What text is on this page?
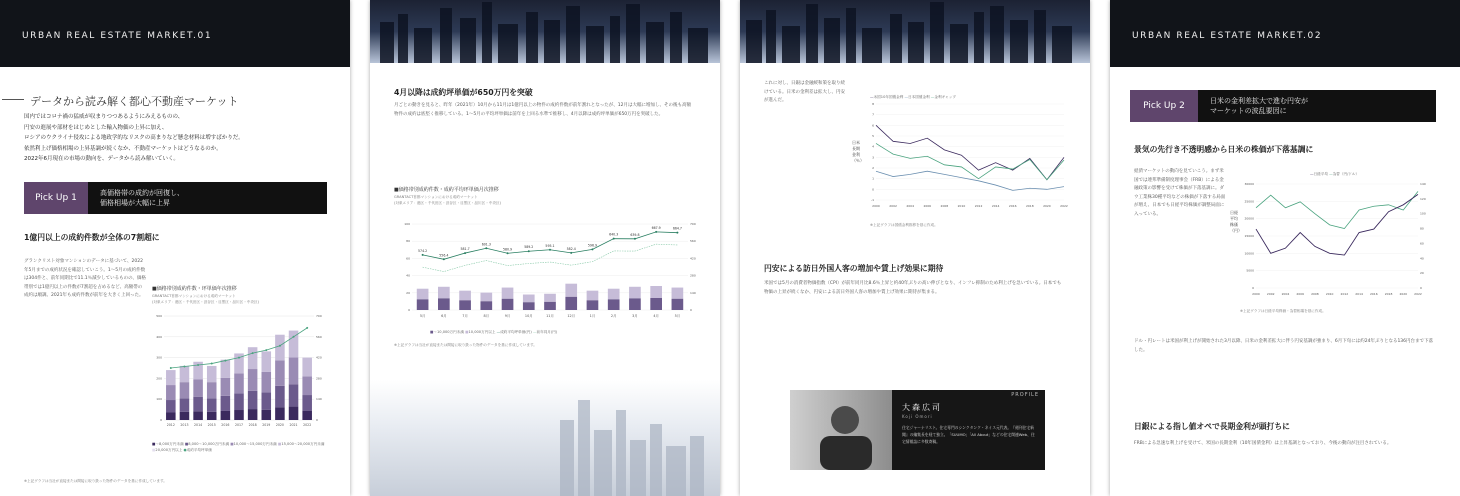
URBAN REAL ESTATE MARKET.01
データから読み解く都心不動産マーケット
国内ではコロナ禍の猛威が収まりつつあるようにみえるものの、
円安の進展や部材をはじめとした輸入物価の上昇に加え、
ロシアのウクライナ侵攻による地政学的なリスクの高まりなど懸念材料は増すばかりだ。
依然利上げ価格相場の上昇基調が続くなか、不動産マーケットはどうなるのか。
2022年6月現在の市場の動向を、データから読み解いていく。
Pick Up 1	高価格帯の成約が回復し、
価格相場が大幅に上昇
1億円以上の成約件数が全体の7割超に
グランクリスト対象マンションのデータに基づいて、2022年5月までの成約状況を確認していこう。1〜5月の成約件数は304件と、前年同期比で11.1％減少しているものの、価格帯別では1億円以上の件数が7割超を占めるなど、高額帯の成約は順調。2021年も成約件数が前年を大きく上回った。
■価格帯別成約件数・坪単価年次推移
GRANTACT首都マンションにおける成約マーケット
(対象エリア：港区・千代田区・渋谷区・目黒区・品川区・中央区)
2012 2013 2014 2015 2016 2017 2018 2019 2020 2021 2022
0	0
100	140
200	280
300	420
400	560
500	700
■〜8,000万円未満 ■8,000〜10,000万円未満 ■10,000〜15,000万円未満 ■15,000〜20,000万円未満 ■20,000万円以上 ●成約平均坪単価
※上記グラフは当社が直接または間接に取り扱った物件のデータを基に作成しています。
4月以降は成約坪単価が650万円を突破
月ごとの動きを見ると、昨年（2021年）10月から11月は1億円以上の物件の成約件数が前年割れとなったが、12月は大幅に増加し、その後も高額物件の成約は底堅く推移している。1〜5月の平均坪単価は前年を上回る水準で推移し、4月以降は成約坪単価が650万円を突破した。
■価格帯別成約件数・成約平均坪単価月次推移
GRANTACT首都マンションにおける成約マーケット
(対象エリア：港区・千代田区・渋谷区・目黒区・品川区・中央区)
5月	6月	7月	8月	9月	10月	11月	12月	1月	2月	3月	4月	5月
574.2
556.4
581.7
601.3
580.9
589.2	595.1
582.4
596.9
640.3	639.8
667.9	664.7
0	0
20	140
40	280
60	420
80	560
100	700
■〜10,000万円未満 ■10,000万円以上 —成約平均坪単価(円) —前年同月(円)
※上記グラフは当社が直接または間接に取り扱った物件のデータを基に作成しています。
これに対し、日銀は金融緩和策を取り続けている。日米の金利差は拡大し、円安が進んだ。
—米国10年国債金利 —日本国債金利 —金利ギャップ
日米長期金利（％）
-1
0
1
2
3
4
5
6
7
8
2000	2002	2004	2006	2008	2010	2012	2014	2016	2018	2020	2022
※上記グラフは国債金利推移を基に作成。
円安による訪日外国人客の増加や賃上げ効果に期待
米国では5月の消費者物価指数（CPI）が前年同月比8.6％上昇と約40年ぶりの高い伸びとなり、インフレ抑制のため利上げを急いでいる。日本でも物価の上昇が続くなか、円安による訪日外国人客の増加や賃上げ効果に期待が集まる。
PROFILE
大森広司
Koji Omori
住宅ジャーナリスト。住宅専門のシンクタンク・ネイス元代表。『週刊住宅新聞』の編集長を経て独立。「SUUMO」「All About」などの住宅関連Web、住宅情報誌に多数寄稿。
URBAN REAL ESTATE MARKET.02
Pick Up 2	日米の金利差拡大で進む円安が
マーケットの波乱要因に
景気の先行き不透明感から日米の株価が下落基調に
経済マーケットの動向を見ていこう。まず米国では連邦準備制度理事会（FRB）による金融政策の影響を受けて株価が下落基調に。ダウ工業株30種平均などの株価が下落する局面が増え、日本でも日経平均株価が調整局面に入っている。
—日経平均 —為替（円/ドル）
日経平均株価（円）
0
5000
10000
15000
20000
25000
30000
0
20
40
60
80
100
120
140
2000 2002 2004 2006 2008 2010 2012 2014 2016 2018 2020 2022
※上記グラフは日経平均株価・為替相場を基に作成。
ドル・円レートは米国が利上げが開始された3月以降、日米の金利差拡大に伴う円安基調が強まり、6月下旬には約24年ぶりとなる136円台まで下落した。
日銀による指し値オペで長期金利が頭打ちに
FRBによる急速な利上げを受けて、米国の長期金利（10年国債金利）は上昇基調となっており、今後の動向が注目されている。
